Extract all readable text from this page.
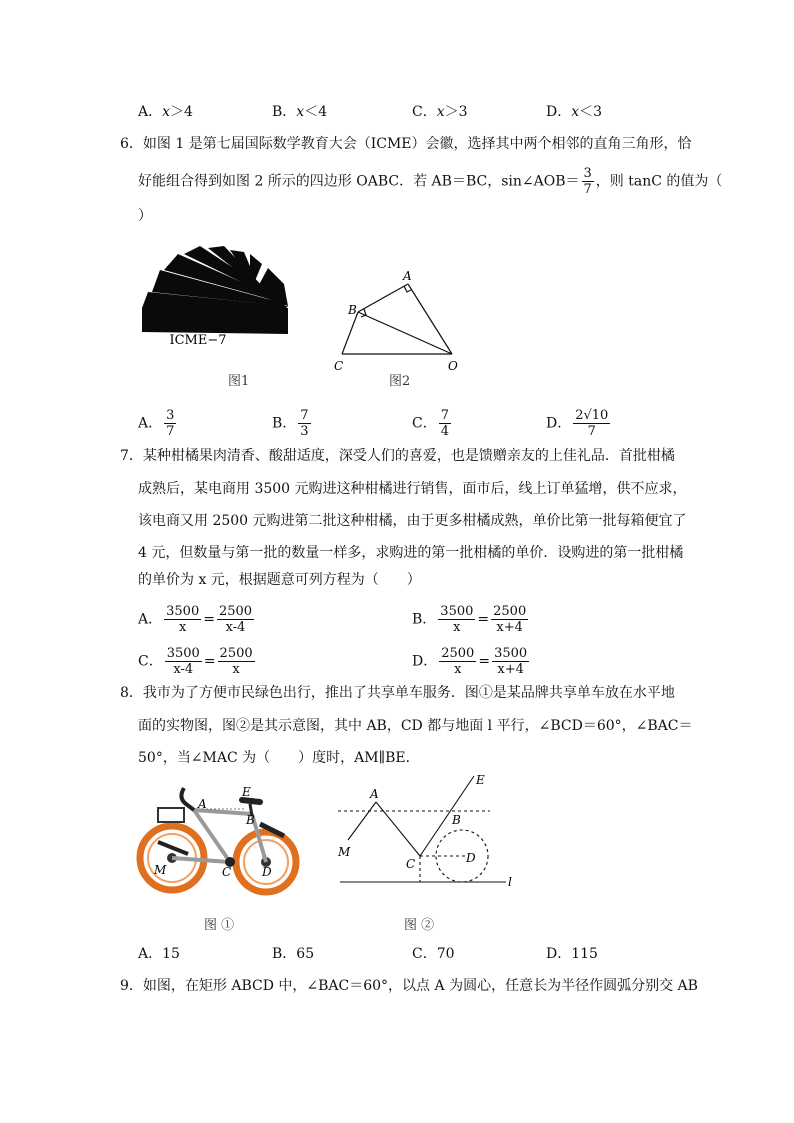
A．x＞4	B．x＜4	C．x＞3	D．x＜3
6．如图 1 是第七届国际数学教育大会（ICME）会徽，选择其中两个相邻的直角三角形，恰
好能组合得到如图 2 所示的四边形 OABC．若 AB＝BC，sin∠AOB＝ $\frac{3}{7}$ ，则 tanC 的值为（
）
ICME−7
图1
A
B
C	O
图2
A． $\frac{3}{7}$	B． $\frac{7}{3}$	C． $\frac{7}{4}$	D． $\frac{2√10}{7}$
7．某种柑橘果肉清香、酸甜适度，深受人们的喜爱，也是馈赠亲友的上佳礼品．首批柑橘
成熟后，某电商用 3500 元购进这种柑橘进行销售，面市后，线上订单猛增，供不应求，
该电商又用 2500 元购进第二批这种柑橘，由于更多柑橘成熟，单价比第一批每箱便宜了
4 元，但数量与第一批的数量一样多，求购进的第一批柑橘的单价．设购进的第一批柑橘
的单价为 x 元，根据题意可列方程为（　　）
A． $\frac{3500}{x} = \frac{2500}{x-4}$	B． $\frac{3500}{x} = \frac{2500}{x+4}$
C． $\frac{3500}{x-4} = \frac{2500}{x}$	D． $\frac{2500}{x} = \frac{3500}{x+4}$
8．我市为了方便市民绿色出行，推出了共享单车服务．图①是某品牌共享单车放在水平地
面的实物图，图②是其示意图，其中 AB，CD 都与地面 l 平行，∠BCD＝60°，∠BAC＝
50°，当∠MAC 为（　　）度时，AM∥BE．
A
E
B
M	C	D
图 ①
E
A
B
M
C	D
l
图 ②
A．15	B．65	C．70	D．115
9．如图，在矩形 ABCD 中，∠BAC＝60°，以点 A 为圆心，任意长为半径作圆弧分别交 AB
